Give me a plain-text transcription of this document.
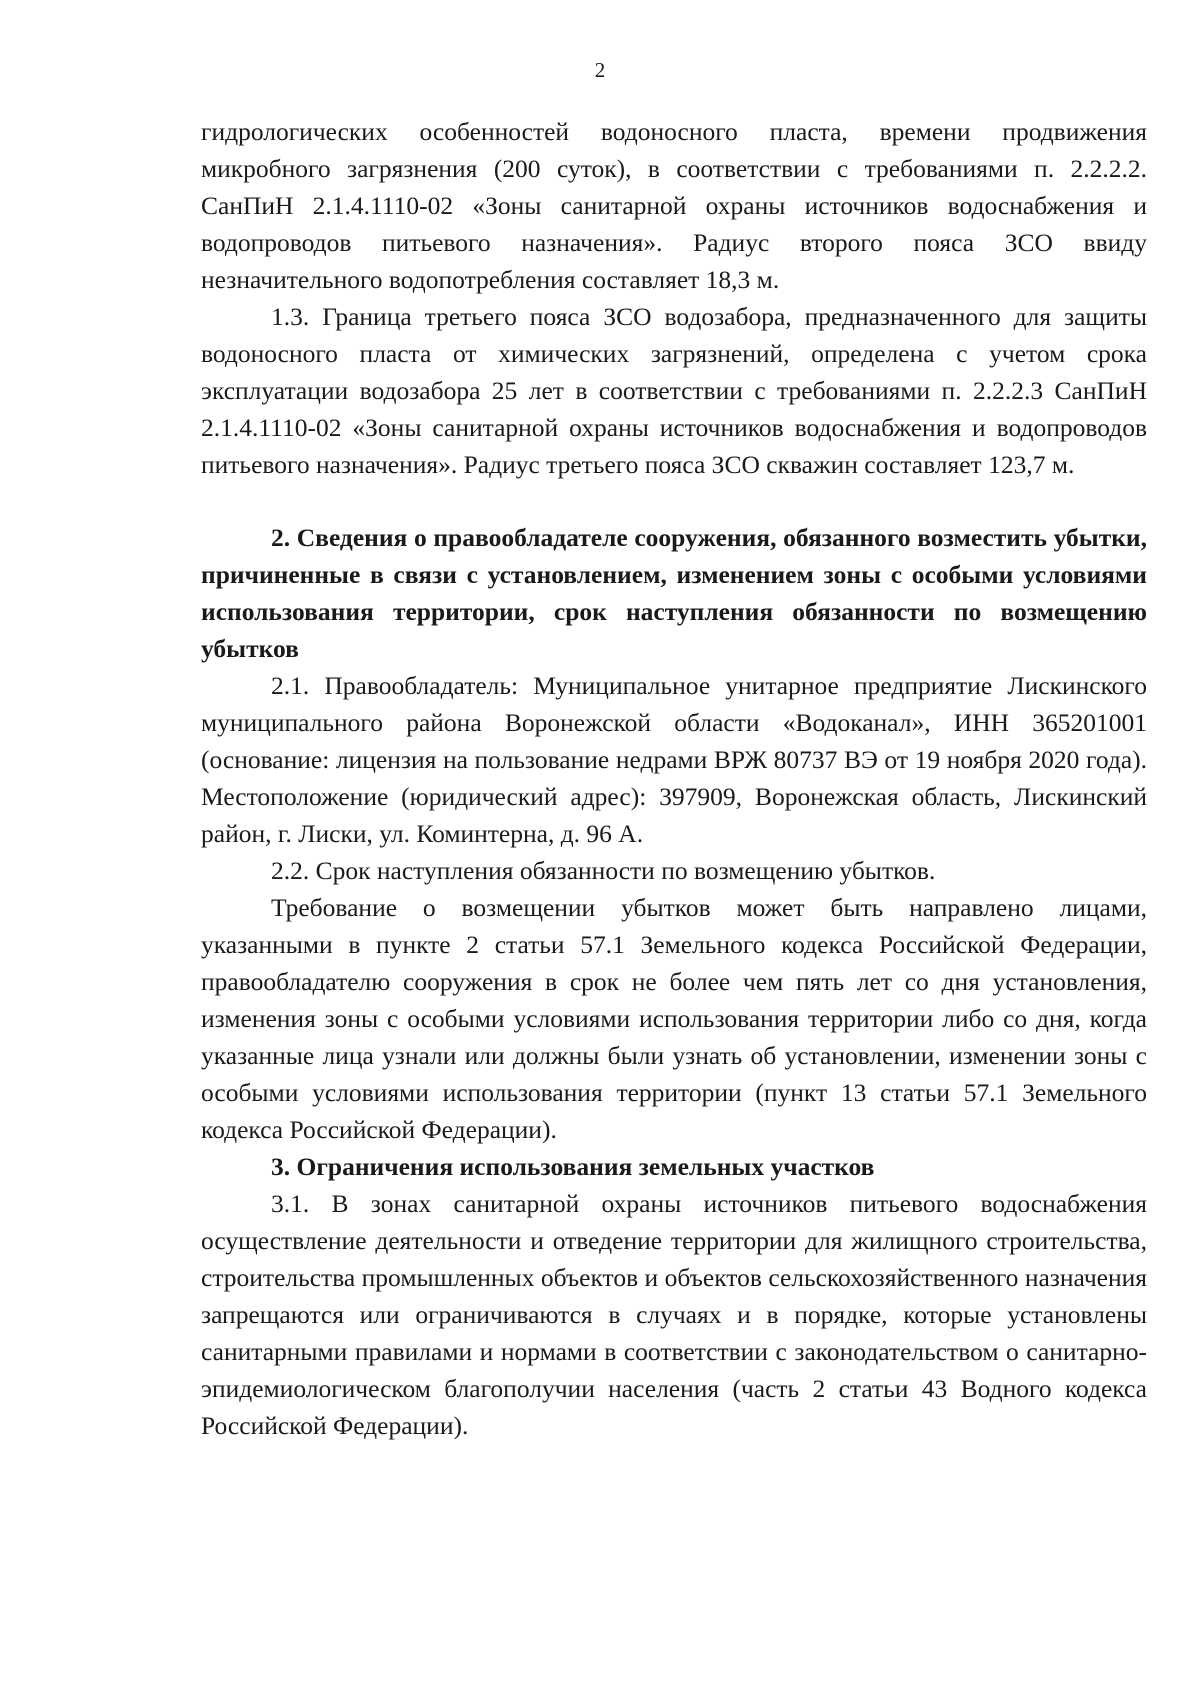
2

гидрологических особенностей водоносного пласта, времени продвижения микробного загрязнения (200 суток), в соответствии с требованиями п. 2.2.2.2. СанПиН 2.1.4.1110-02 «Зоны санитарной охраны источников водоснабжения и водопроводов питьевого назначения». Радиус второго пояса ЗСО ввиду незначительного водопотребления составляет 18,3 м.

1.3. Граница третьего пояса ЗСО водозабора, предназначенного для защиты водоносного пласта от химических загрязнений, определена с учетом срока эксплуатации водозабора 25 лет в соответствии с требованиями п. 2.2.2.3 СанПиН 2.1.4.1110-02 «Зоны санитарной охраны источников водоснабжения и водопроводов питьевого назначения». Радиус третьего пояса ЗСО скважин составляет 123,7 м.

2. Сведения о правообладателе сооружения, обязанного возместить убытки, причиненные в связи с установлением, изменением зоны с особыми условиями использования территории, срок наступления обязанности по возмещению убытков

2.1. Правообладатель: Муниципальное унитарное предприятие Лискинского муниципального района Воронежской области «Водоканал», ИНН 365201001 (основание: лицензия на пользование недрами ВРЖ 80737 ВЭ от 19 ноября 2020 года). Местоположение (юридический адрес): 397909, Воронежская область, Лискинский район, г. Лиски, ул. Коминтерна, д. 96 А.

2.2. Срок наступления обязанности по возмещению убытков.

Требование о возмещении убытков может быть направлено лицами, указанными в пункте 2 статьи 57.1 Земельного кодекса Российской Федерации, правообладателю сооружения в срок не более чем пять лет со дня установления, изменения зоны с особыми условиями использования территории либо со дня, когда указанные лица узнали или должны были узнать об установлении, изменении зоны с особыми условиями использования территории (пункт 13 статьи 57.1 Земельного кодекса Российской Федерации).

3. Ограничения использования земельных участков

3.1. В зонах санитарной охраны источников питьевого водоснабжения осуществление деятельности и отведение территории для жилищного строительства, строительства промышленных объектов и объектов сельскохозяйственного назначения запрещаются или ограничиваются в случаях и в порядке, которые установлены санитарными правилами и нормами в соответствии с законодательством о санитарно-эпидемиологическом благополучии населения (часть 2 статьи 43 Водного кодекса Российской Федерации).
